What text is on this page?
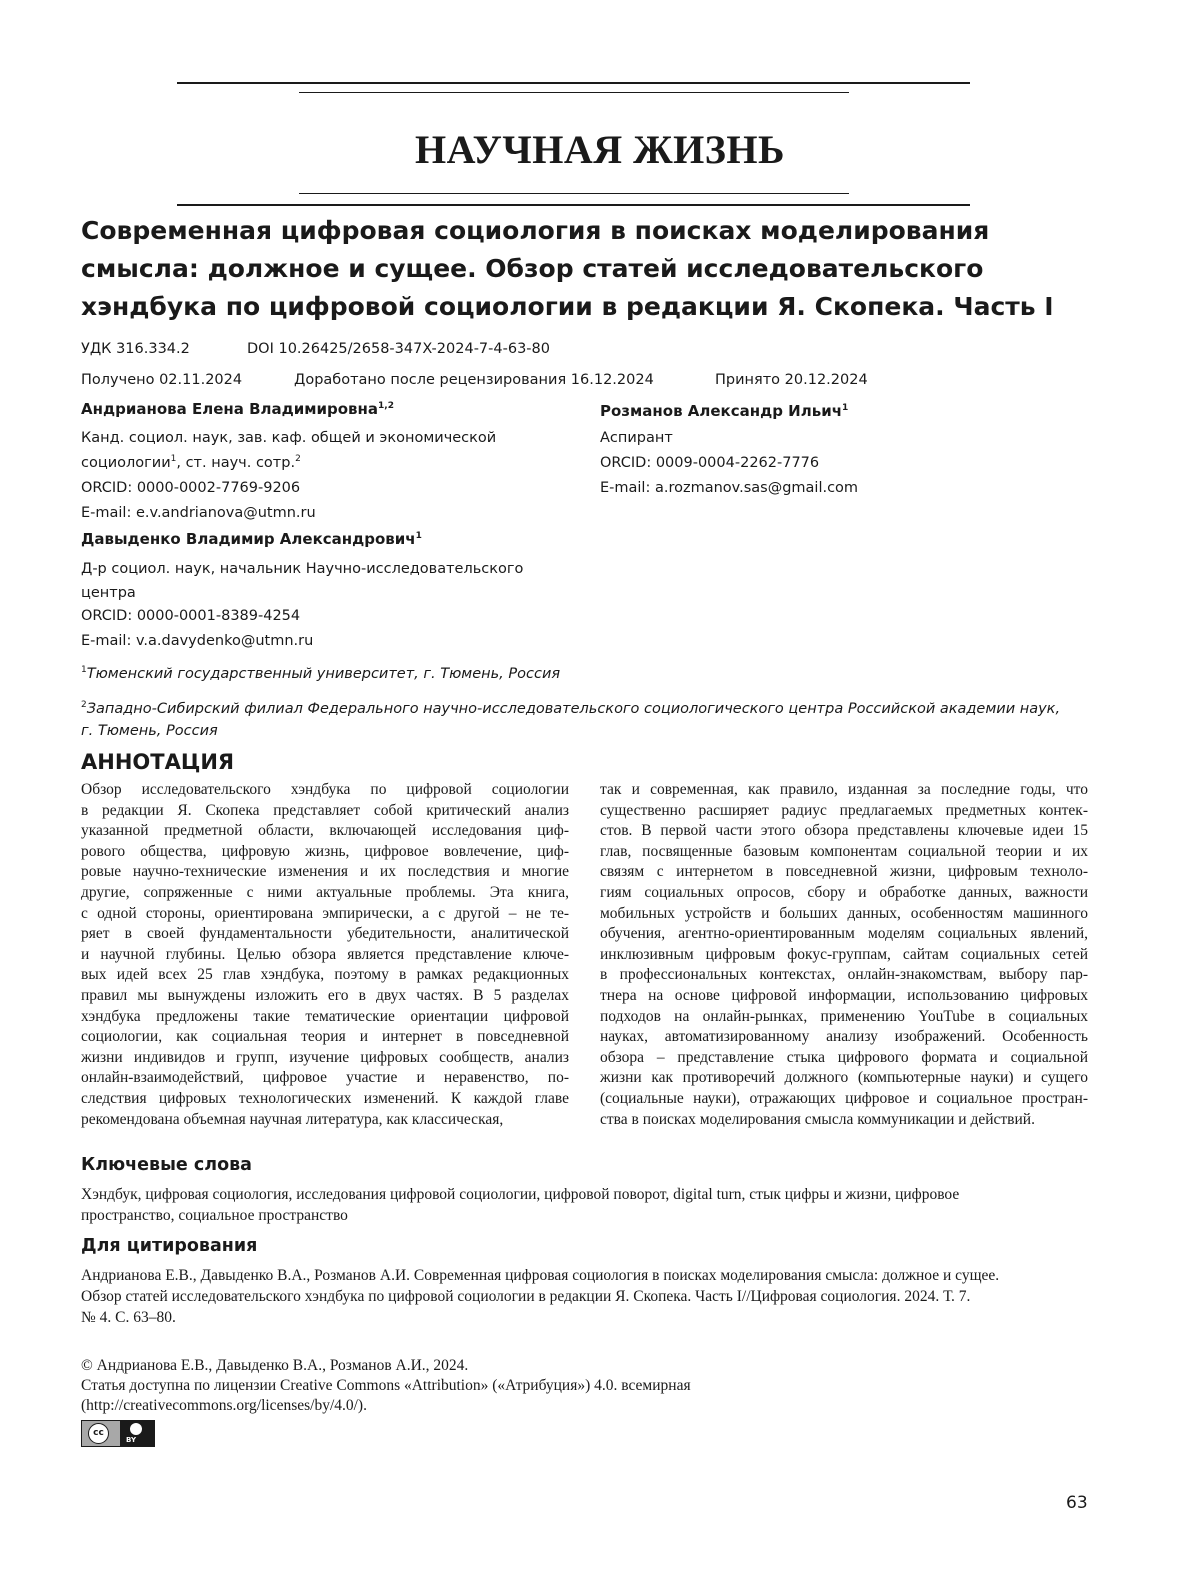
НАУЧНАЯ ЖИЗНЬ
Современная цифровая социология в поисках моделирования
смысла: должное и сущее. Обзор статей исследовательского
хэндбука по цифровой социологии в редакции Я. Скопека. Часть I
УДК 316.334.2	DOI 10.26425/2658-347X-2024-7-4-63-80
Получено 02.11.2024	Доработано после рецензирования 16.12.2024	Принято 20.12.2024
Андрианова Елена Владимировна$^{1,2}$
Канд. социол. наук, зав. каф. общей и экономической
социологии$^1$, ст. науч. сотр.$^2$
ORCID: 0000-0002-7769-9206
E-mail: e.v.andrianova@utmn.ru
Давыденко Владимир Александрович$^1$
Д-р социол. наук, начальник Научно-исследовательского
центра
ORCID: 0000-0001-8389-4254
E-mail: v.a.davydenko@utmn.ru
Розманов Александр Ильич$^1$
Аспирант
ORCID: 0009-0004-2262-7776
E-mail: a.rozmanov.sas@gmail.com
$^1$Тюменский государственный университет, г. Тюмень, Россия
$^2$Западно-Сибирский филиал Федерального научно-исследовательского социологического центра Российской академии наук,
г. Тюмень, Россия
АННОТАЦИЯ
Обзор исследовательского хэндбука по цифровой социологии
в редакции Я. Скопека представляет собой критический анализ
указанной предметной области, включающей исследования циф-
рового общества, цифровую жизнь, цифровое вовлечение, циф-
ровые научно-технические изменения и их последствия и многие
другие, сопряженные с ними актуальные проблемы. Эта книга,
с одной стороны, ориентирована эмпирически, а с другой – не те-
ряет в своей фундаментальности убедительности, аналитической
и научной глубины. Целью обзора является представление ключе-
вых идей всех 25 глав хэндбука, поэтому в рамках редакционных
правил мы вынуждены изложить его в двух частях. В 5 разделах
хэндбука предложены такие тематические ориентации цифровой
социологии, как социальная теория и интернет в повседневной
жизни индивидов и групп, изучение цифровых сообществ, анализ
онлайн-взаимодействий, цифровое участие и неравенство, по-
следствия цифровых технологических изменений. К каждой главе
рекомендована объемная научная литература, как классическая,
так и современная, как правило, изданная за последние годы, что
существенно расширяет радиус предлагаемых предметных контек-
стов. В первой части этого обзора представлены ключевые идеи 15
глав, посвященные базовым компонентам социальной теории и их
связям с интернетом в повседневной жизни, цифровым техноло-
гиям социальных опросов, сбору и обработке данных, важности
мобильных устройств и больших данных, особенностям машинного
обучения, агентно-ориентированным моделям социальных явлений,
инклюзивным цифровым фокус-группам, сайтам социальных сетей
в профессиональных контекстах, онлайн-знакомствам, выбору пар-
тнера на основе цифровой информации, использованию цифровых
подходов на онлайн-рынках, применению YouTube в социальных
науках, автоматизированному анализу изображений. Особенность
обзора – представление стыка цифрового формата и социальной
жизни как противоречий должного (компьютерные науки) и сущего
(социальные науки), отражающих цифровое и социальное простран-
ства в поисках моделирования смысла коммуникации и действий.
Ключевые слова
Хэндбук, цифровая социология, исследования цифровой социологии, цифровой поворот, digital turn, стык цифры и жизни, цифровое
пространство, социальное пространство
Для цитирования
Андрианова Е.В., Давыденко В.А., Розманов А.И. Современная цифровая социология в поисках моделирования смысла: должное и сущее.
Обзор статей исследовательского хэндбука по цифровой социологии в редакции Я. Скопека. Часть I//Цифровая социология. 2024. Т. 7.
№ 4. С. 63–80.
© Андрианова Е.В., Давыденко В.А., Розманов А.И., 2024.
Статья доступна по лицензии Creative Commons «Attribution» («Атрибуция») 4.0. всемирная
(http://creativecommons.org/licenses/by/4.0/).
cc
BY
63
